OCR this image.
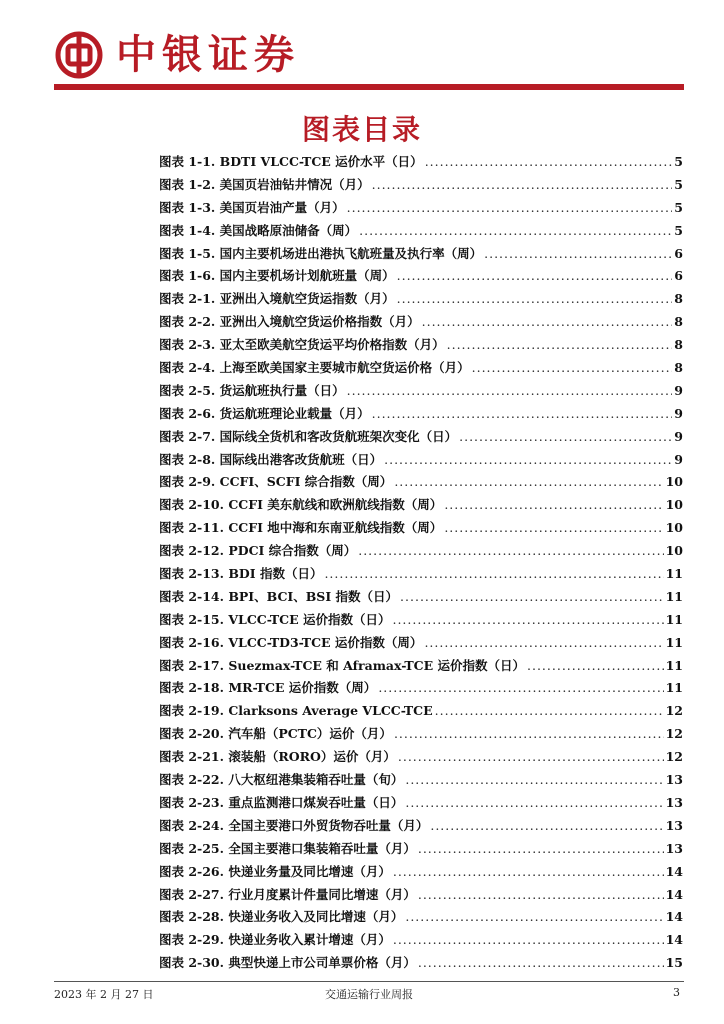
中银证券
图表目录
图表 1-1. BDTI VLCC-TCE 运价水平（日） .....	5
图表 1-2. 美国页岩油钻井情况（月） .....	5
图表 1-3. 美国页岩油产量（月） .....	5
图表 1-4. 美国战略原油储备（周） .....	5
图表 1-5. 国内主要机场进出港执飞航班量及执行率（周） .....	6
图表 1-6. 国内主要机场计划航班量（周） .....	6
图表 2-1. 亚洲出入境航空货运指数（月） .....	8
图表 2-2. 亚洲出入境航空货运价格指数（月） .....	8
图表 2-3. 亚太至欧美航空货运平均价格指数（月） .....	8
图表 2-4. 上海至欧美国家主要城市航空货运价格（月） .....	8
图表 2-5. 货运航班执行量（日） .....	9
图表 2-6. 货运航班理论业载量（月） .....	9
图表 2-7. 国际线全货机和客改货航班架次变化（日） .....	9
图表 2-8. 国际线出港客改货航班（日） .....	9
图表 2-9. CCFI、SCFI 综合指数（周） .....	10
图表 2-10. CCFI 美东航线和欧洲航线指数（周） .....	10
图表 2-11. CCFI 地中海和东南亚航线指数（周） .....	10
图表 2-12. PDCI 综合指数（周） .....	10
图表 2-13. BDI 指数（日） .....	11
图表 2-14. BPI、BCI、BSI 指数（日） .....	11
图表 2-15. VLCC-TCE 运价指数（日） .....	11
图表 2-16. VLCC-TD3-TCE 运价指数（周） .....	11
图表 2-17. Suezmax-TCE 和 Aframax-TCE 运价指数（日） .....	11
图表 2-18. MR-TCE 运价指数（周） .....	11
图表 2-19. Clarksons Average VLCC-TCE .....	12
图表 2-20. 汽车船（PCTC）运价（月） .....	12
图表 2-21. 滚装船（RORO）运价（月） .....	12
图表 2-22. 八大枢纽港集装箱吞吐量（旬） .....	13
图表 2-23. 重点监测港口煤炭吞吐量（日） .....	13
图表 2-24. 全国主要港口外贸货物吞吐量（月） .....	13
图表 2-25. 全国主要港口集装箱吞吐量（月） .....	13
图表 2-26. 快递业务量及同比增速（月） .....	14
图表 2-27. 行业月度累计件量同比增速（月） .....	14
图表 2-28. 快递业务收入及同比增速（月） .....	14
图表 2-29. 快递业务收入累计增速（月） .....	14
图表 2-30. 典型快递上市公司单票价格（月） .....	15
2023 年 2 月 27 日	交通运输行业周报	3
